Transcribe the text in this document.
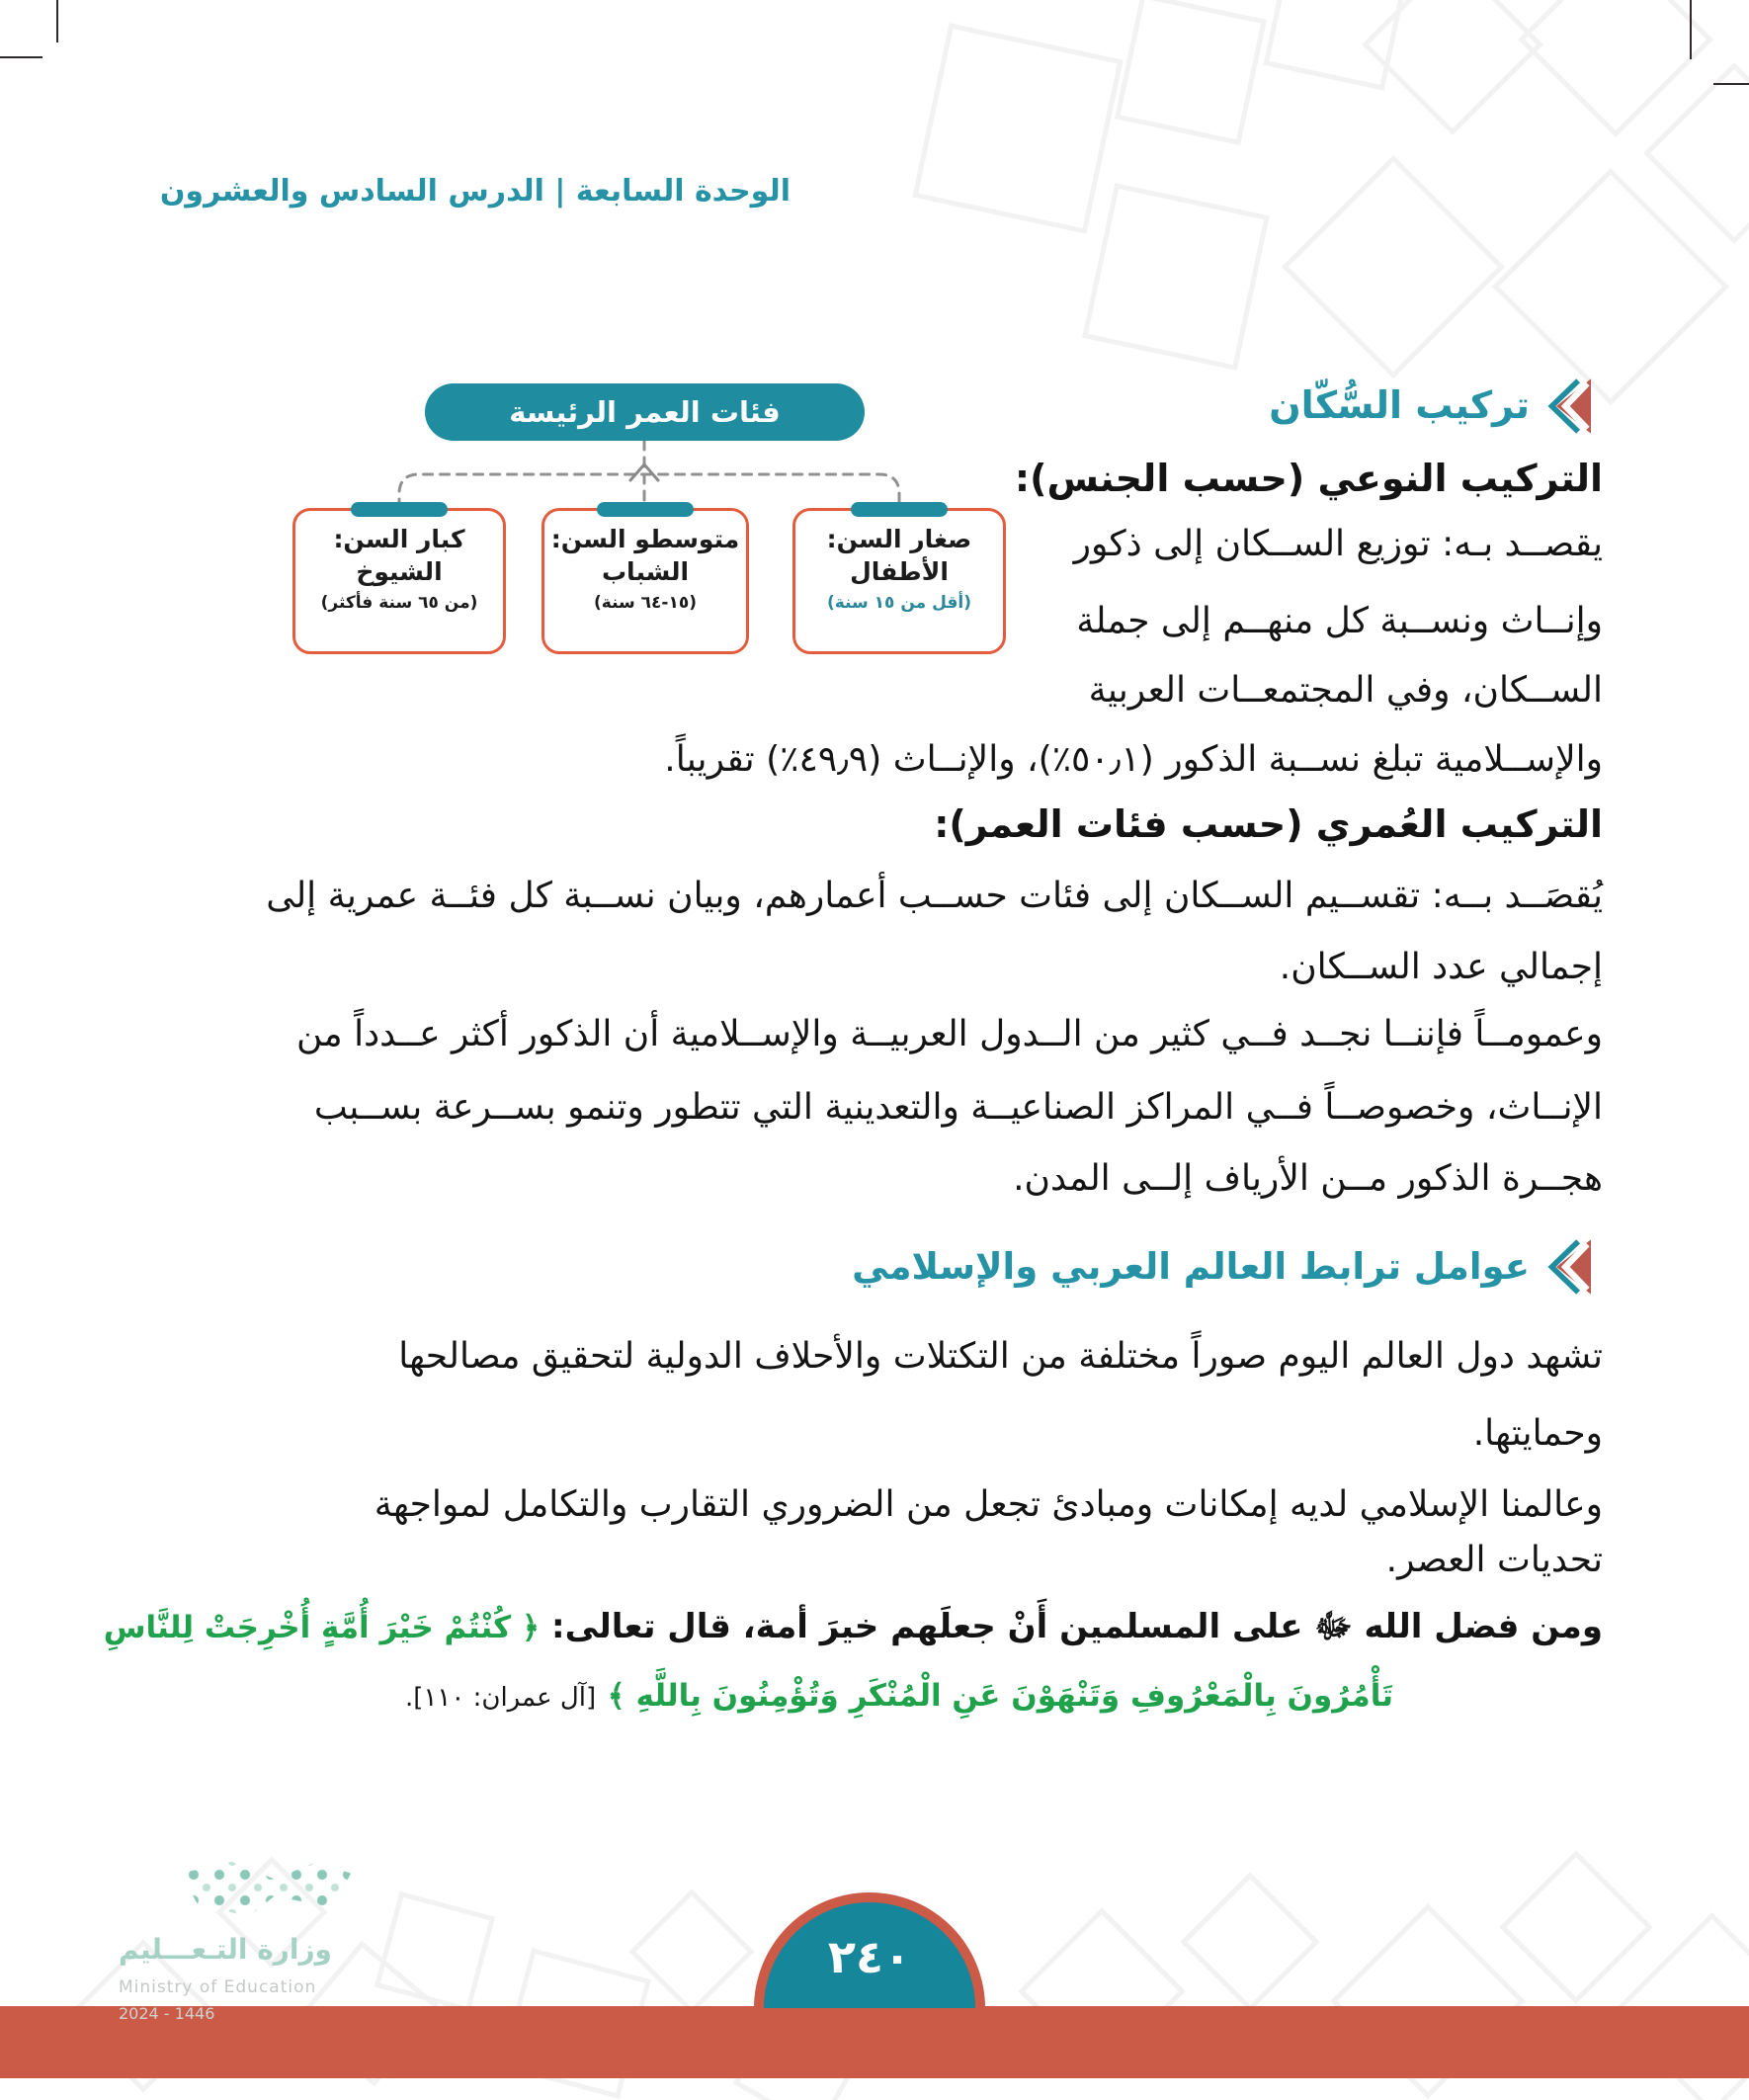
الوحدة السابعة | الدرس السادس والعشرون
فئات العمر الرئيسة
صغار السن:
الأطفال
(أقل من ١٥ سنة)
متوسطو السن:
الشباب
(١٥-٦٤ سنة)
كبار السن:
الشيوخ
(من ٦٥ سنة فأكثر)
تركيب السُّكّان
التركيب النوعي (حسب الجنس):
يقصــد بـه: توزيع الســكان إلى ذكور
وإنــاث ونســبة كل منهــم إلى جملة
الســكان، وفي المجتمعــات العربية
والإســلامية تبلغ نســبة الذكور (٥٠٫١٪)، والإنــاث (٤٩٫٩٪) تقريباً.
التركيب العُمري (حسب فئات العمر):
يُقصَــد بــه: تقســيم الســكان إلى فئات حســب أعمارهم، وبيان نســبة كل فئــة عمرية إلى
إجمالي عدد الســكان.
وعمومــاً فإننــا نجــد فــي كثير من الــدول العربيــة والإســلامية أن الذكور أكثر عــدداً من
الإنــاث، وخصوصــاً فــي المراكز الصناعيــة والتعدينية التي تتطور وتنمو بســرعة بســبب
هجــرة الذكور مــن الأرياف إلــى المدن.
عوامل ترابط العالم العربي والإسلامي
تشهد دول العالم اليوم صوراً مختلفة من التكتلات والأحلاف الدولية لتحقيق مصالحها
وحمايتها.
وعالمنا الإسلامي لديه إمكانات ومبادئ تجعل من الضروري التقارب والتكامل لمواجهة
تحديات العصر.
ومن فضل الله ﷻ على المسلمين أَنْ جعلَهم خيرَ أمة، قال تعالى: ﴿ كُنْتُمْ خَيْرَ أُمَّةٍ أُخْرِجَتْ لِلنَّاسِ
تَأْمُرُونَ بِالْمَعْرُوفِ وَتَنْهَوْنَ عَنِ الْمُنْكَرِ وَتُؤْمِنُونَ بِاللَّهِ ﴾ [آل عمران: ١١٠].
وزارة التـعـــليم
Ministry of Education
2024 - 1446
٢٤٠
